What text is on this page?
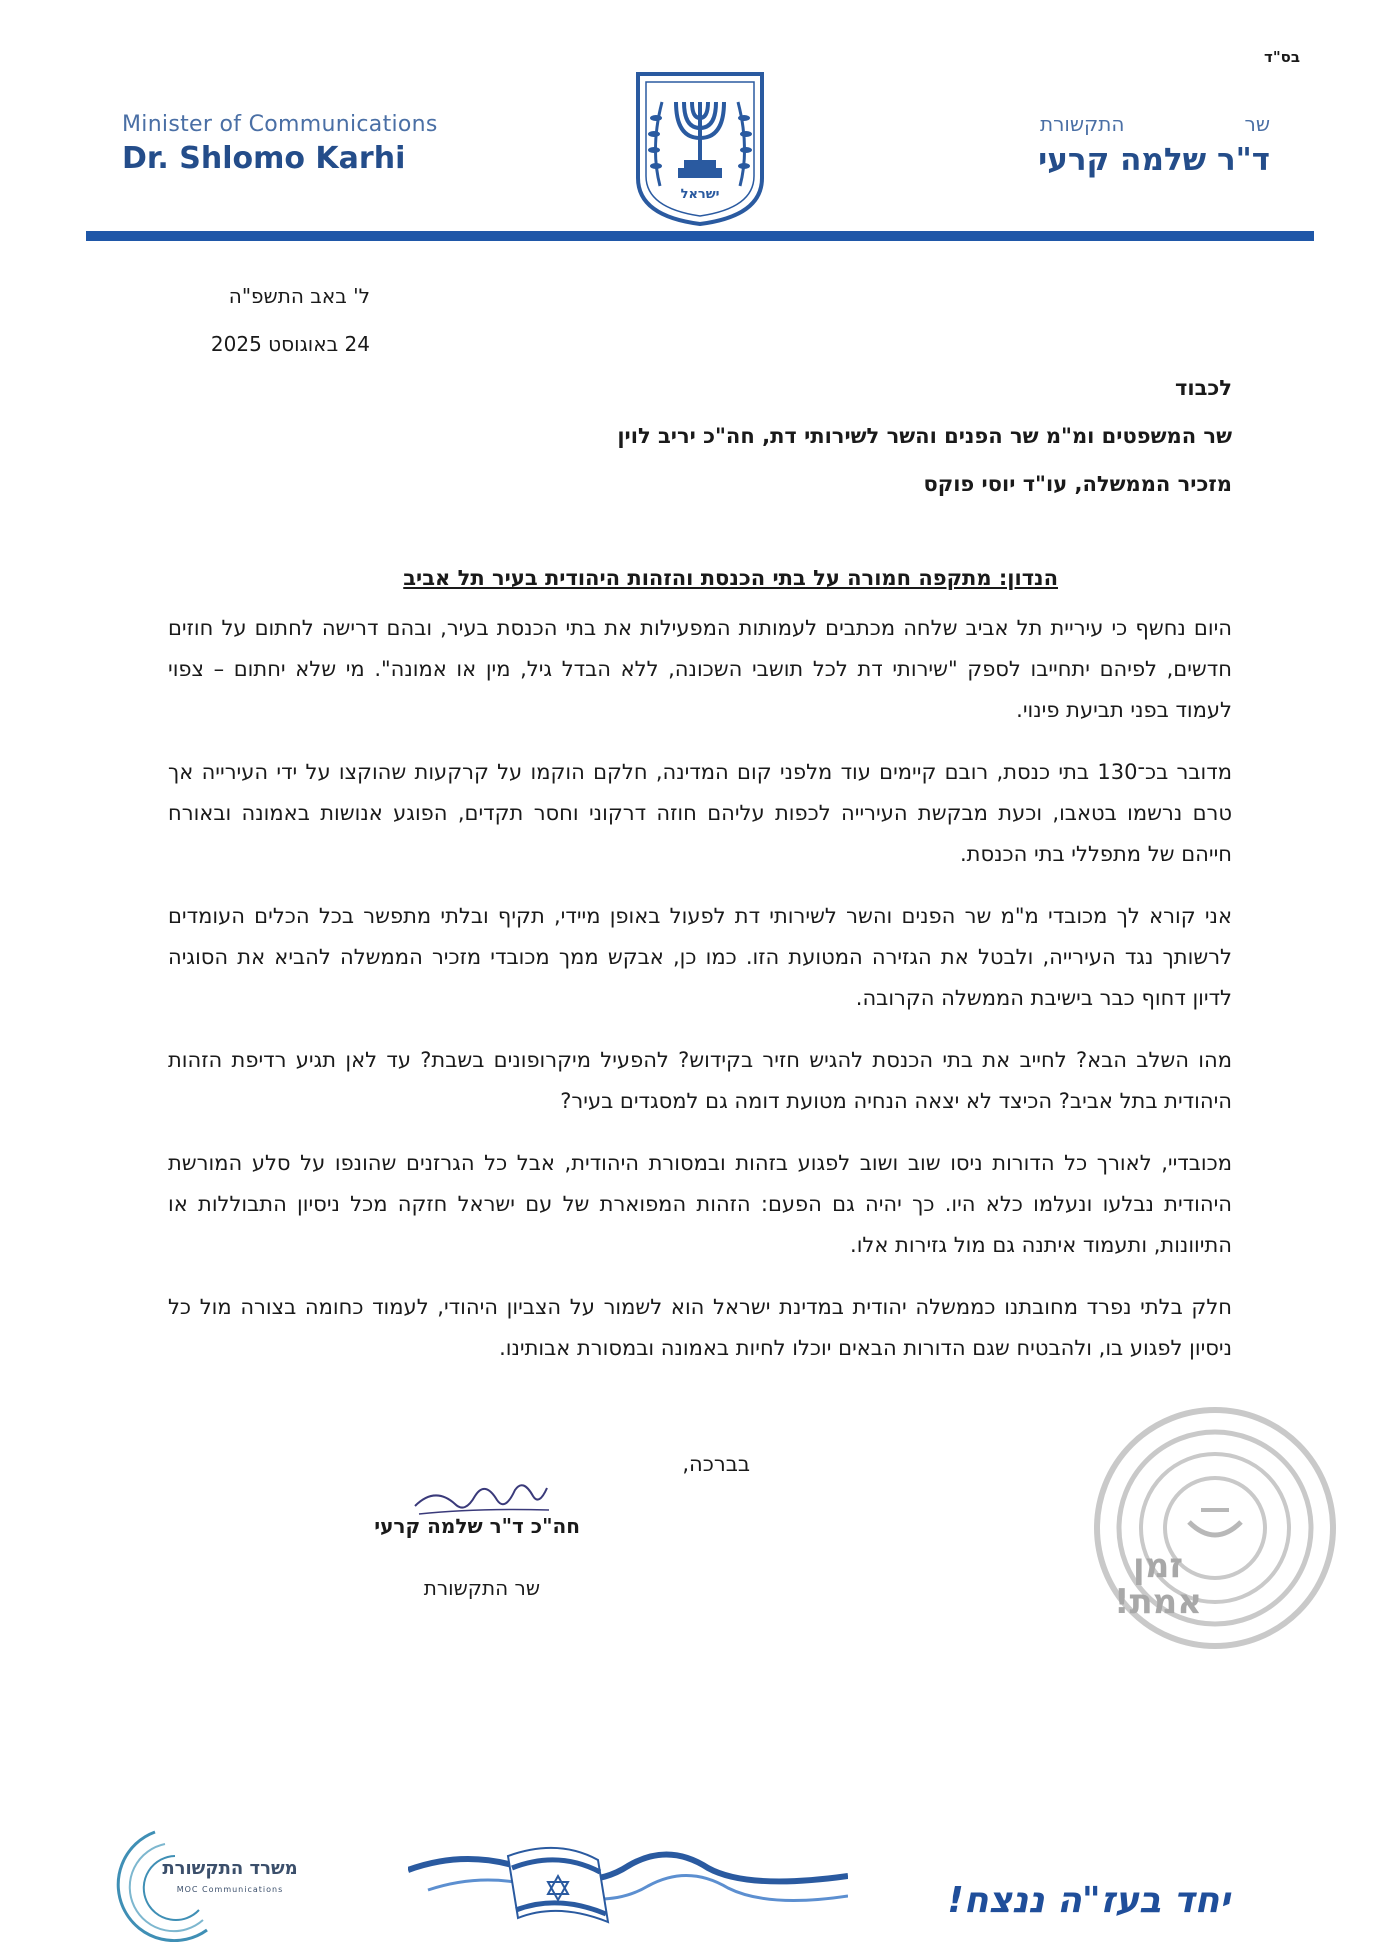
בס"ד
Minister of Communications
Dr. Shlomo Karhi
ישראל
שר
התקשורת
ד"ר שלמה קרעי
ל' באב התשפ"ה
24 באוגוסט 2025
לכבוד
שר המשפטים ומ"מ שר הפנים והשר לשירותי דת, חה"כ יריב לוין
מזכיר הממשלה, עו"ד יוסי פוקס
הנדון: מתקפה חמורה על בתי הכנסת והזהות היהודית בעיר תל אביב

היום נחשף כי עיריית תל אביב שלחה מכתבים לעמותות המפעילות את בתי הכנסת בעיר, ובהם דרישה לחתום על חוזים חדשים, לפיהם יתחייבו לספק "שירותי דת לכל תושבי השכונה, ללא הבדל גיל, מין או אמונה". מי שלא יחתום – צפוי לעמוד בפני תביעת פינוי.

מדובר בכ־130 בתי כנסת, רובם קיימים עוד מלפני קום המדינה, חלקם הוקמו על קרקעות שהוקצו על ידי העירייה אך טרם נרשמו בטאבו, וכעת מבקשת העירייה לכפות עליהם חוזה דרקוני וחסר תקדים, הפוגע אנושות באמונה ובאורח חייהם של מתפללי בתי הכנסת.

אני קורא לך מכובדי מ"מ שר הפנים והשר לשירותי דת לפעול באופן מיידי, תקיף ובלתי מתפשר בכל הכלים העומדים לרשותך נגד העירייה, ולבטל את הגזירה המטועת הזו. כמו כן, אבקש ממך מכובדי מזכיר הממשלה להביא את הסוגיה לדיון דחוף כבר בישיבת הממשלה הקרובה.

מהו השלב הבא? לחייב את בתי הכנסת להגיש חזיר בקידוש? להפעיל מיקרופונים בשבת? עד לאן תגיע רדיפת הזהות היהודית בתל אביב? הכיצד לא יצאה הנחיה מטועת דומה גם למסגדים בעיר?

מכובדיי, לאורך כל הדורות ניסו שוב ושוב לפגוע בזהות ובמסורת היהודית, אבל כל הגרזנים שהונפו על סלע המורשת היהודית נבלעו ונעלמו כלא היו. כך יהיה גם הפעם: הזהות המפוארת של עם ישראל חזקה מכל ניסיון התבוללות או התיוונות, ותעמוד איתנה גם מול גזירות אלו.

חלק בלתי נפרד מחובתנו כממשלה יהודית במדינת ישראל הוא לשמור על הצביון היהודי, לעמוד כחומה בצורה מול כל ניסיון לפגוע בו, ולהבטיח שגם הדורות הבאים יוכלו לחיות באמונה ובמסורת אבותינו.

בברכה,
חה"כ ד"ר שלמה קרעי
שר התקשורת
זמן
אמת!
משרד התקשורת
MOC Communications	יחד בעז"ה ננצח!
